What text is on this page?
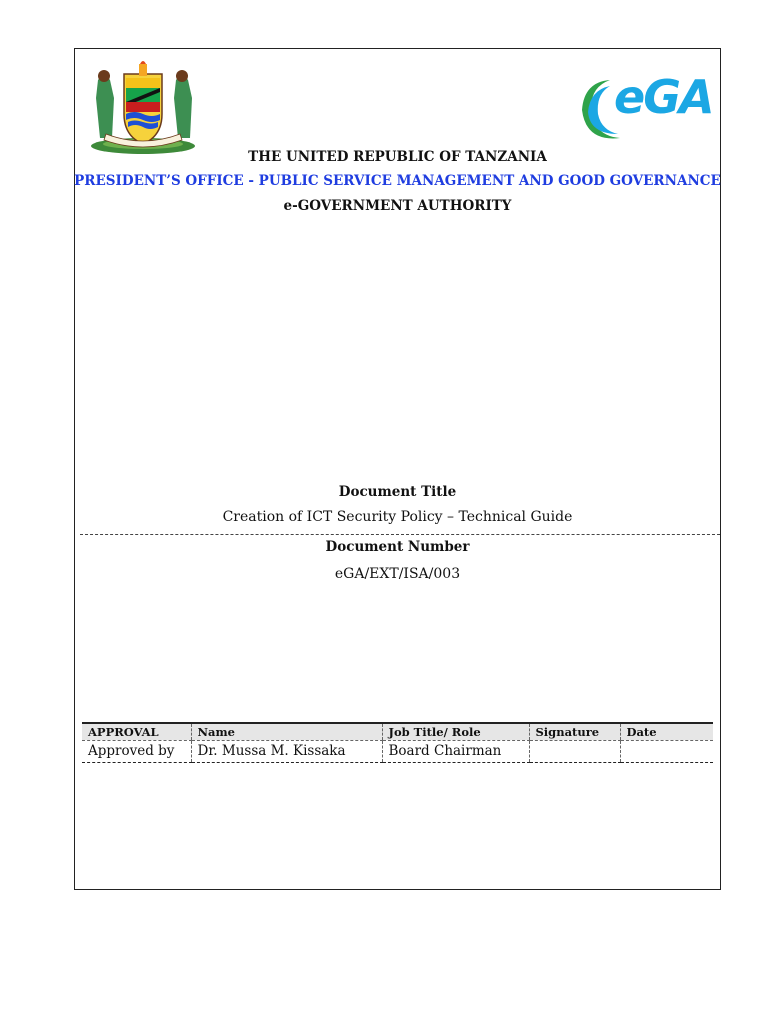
eGA
THE UNITED REPUBLIC OF TANZANIA
PRESIDENT’S OFFICE - PUBLIC SERVICE MANAGEMENT AND GOOD GOVERNANCE
e-GOVERNMENT AUTHORITY
Document Title
Creation of ICT Security Policy – Technical Guide
Document Number
eGA/EXT/ISA/003
APPROVAL	Name	Job Title/ Role	Signature	Date
Approved by	Dr. Mussa M. Kissaka	Board Chairman		
